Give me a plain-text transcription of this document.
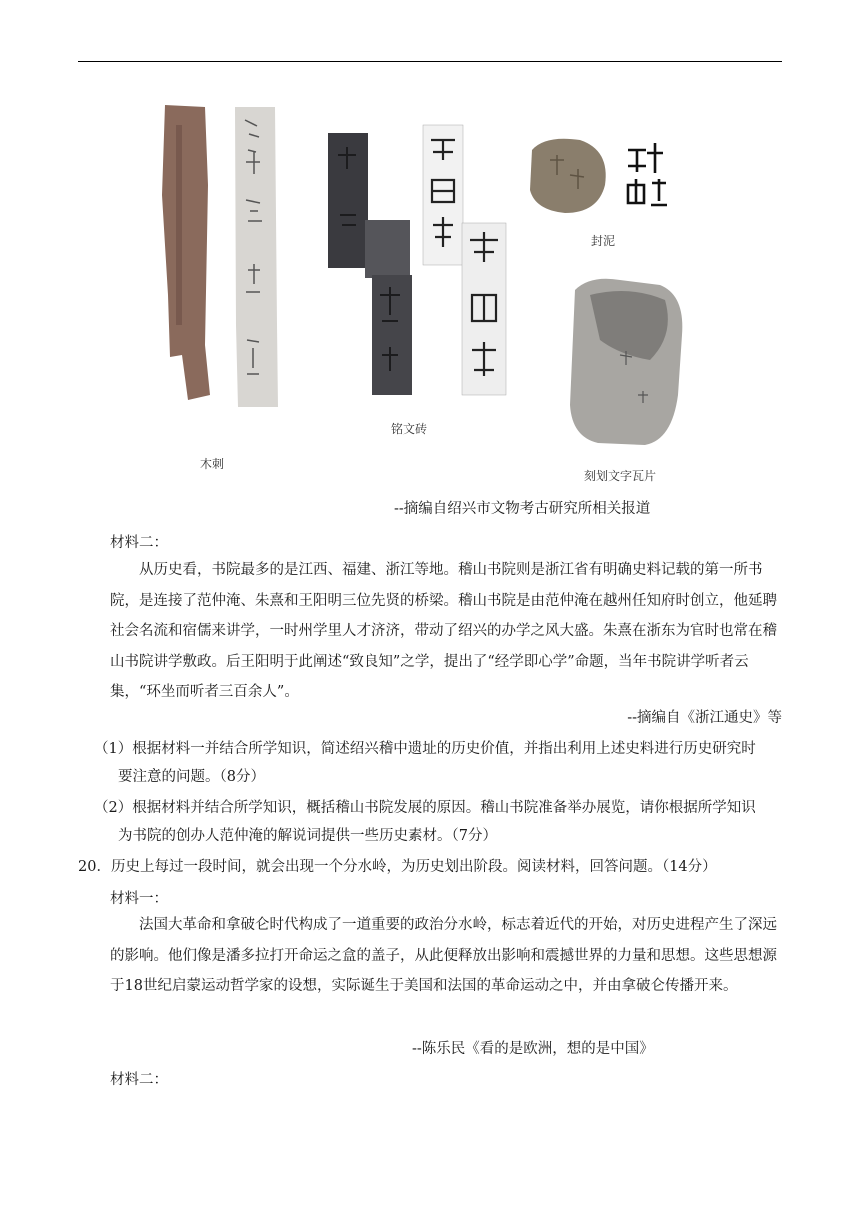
木刺
铭文砖
封泥
刻划文字瓦片
--摘编自绍兴市文物考古研究所相关报道
材料二：
从历史看，书院最多的是江西、福建、浙江等地。稽山书院则是浙江省有明确史料记载的第一所书院，是连接了范仲淹、朱熹和王阳明三位先贤的桥梁。稽山书院是由范仲淹在越州任知府时创立，他延聘社会名流和宿儒来讲学，一时州学里人才济济，带动了绍兴的办学之风大盛。朱熹在浙东为官时也常在稽山书院讲学敷政。后王阳明于此阐述“致良知”之学，提出了“经学即心学”命题，当年书院讲学听者云集，“环坐而听者三百余人”。
--摘编自《浙江通史》等
（1）根据材料一并结合所学知识，简述绍兴稽中遗址的历史价值，并指出利用上述史料进行历史研究时
要注意的问题。（8分）
（2）根据材料并结合所学知识，概括稽山书院发展的原因。稽山书院准备举办展览，请你根据所学知识
为书院的创办人范仲淹的解说词提供一些历史素材。（7分）
20．历史上每过一段时间，就会出现一个分水岭，为历史划出阶段。阅读材料，回答问题。（14分）
材料一：
法国大革命和拿破仑时代构成了一道重要的政治分水岭，标志着近代的开始，对历史进程产生了深远的影响。他们像是潘多拉打开命运之盒的盖子，从此便释放出影响和震撼世界的力量和思想。这些思想源于18世纪启蒙运动哲学家的设想，实际诞生于美国和法国的革命运动之中，并由拿破仑传播开来。
--陈乐民《看的是欧洲，想的是中国》
材料二：
